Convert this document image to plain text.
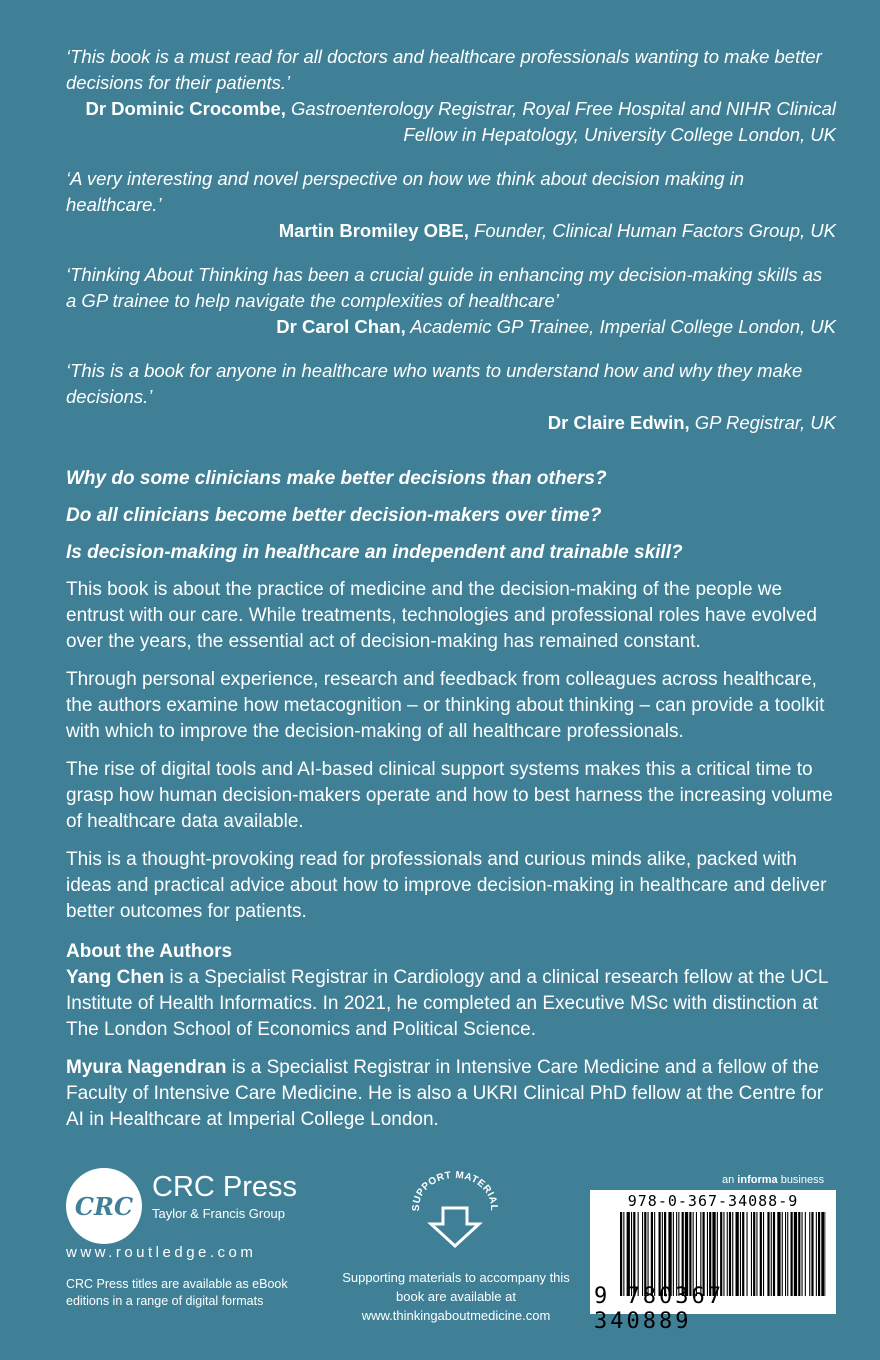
‘This book is a must read for all doctors and healthcare professionals wanting to make better decisions for their patients.’
Dr Dominic Crocombe, Gastroenterology Registrar, Royal Free Hospital and NIHR Clinical Fellow in Hepatology, University College London, UK
‘A very interesting and novel perspective on how we think about decision making in healthcare.’
Martin Bromiley OBE, Founder, Clinical Human Factors Group, UK
‘Thinking About Thinking has been a crucial guide in enhancing my decision-making skills as a GP trainee to help navigate the complexities of healthcare’
Dr Carol Chan, Academic GP Trainee, Imperial College London, UK
‘This is a book for anyone in healthcare who wants to understand how and why they make decisions.’
Dr Claire Edwin, GP Registrar, UK
Why do some clinicians make better decisions than others?
Do all clinicians become better decision-makers over time?
Is decision-making in healthcare an independent and trainable skill?

This book is about the practice of medicine and the decision-making of the people we entrust with our care. While treatments, technologies and professional roles have evolved over the years, the essential act of decision-making has remained constant.

Through personal experience, research and feedback from colleagues across healthcare, the authors examine how metacognition – or thinking about thinking – can provide a toolkit with which to improve the decision-making of all healthcare professionals.

The rise of digital tools and AI-based clinical support systems makes this a critical time to grasp how human decision-makers operate and how to best harness the increasing volume of healthcare data available.

This is a thought-provoking read for professionals and curious minds alike, packed with ideas and practical advice about how to improve decision-making in healthcare and deliver better outcomes for patients.

About the Authors

Yang Chen is a Specialist Registrar in Cardiology and a clinical research fellow at the UCL Institute of Health Informatics. In 2021, he completed an Executive MSc with distinction at The London School of Economics and Political Science.

Myura Nagendran is a Specialist Registrar in Intensive Care Medicine and a fellow of the Faculty of Intensive Care Medicine. He is also a UKRI Clinical PhD fellow at the Centre for AI in Healthcare at Imperial College London.

CRC
CRC Press
Taylor & Francis Group
www.routledge.com
CRC Press titles are available as eBook editions in a range of digital formats
SUPPORT MATERIAL
Supporting materials to accompany this book are available at www.thinkingaboutmedicine.com
an informa business
978-0-367-34088-9
9 780367 340889
